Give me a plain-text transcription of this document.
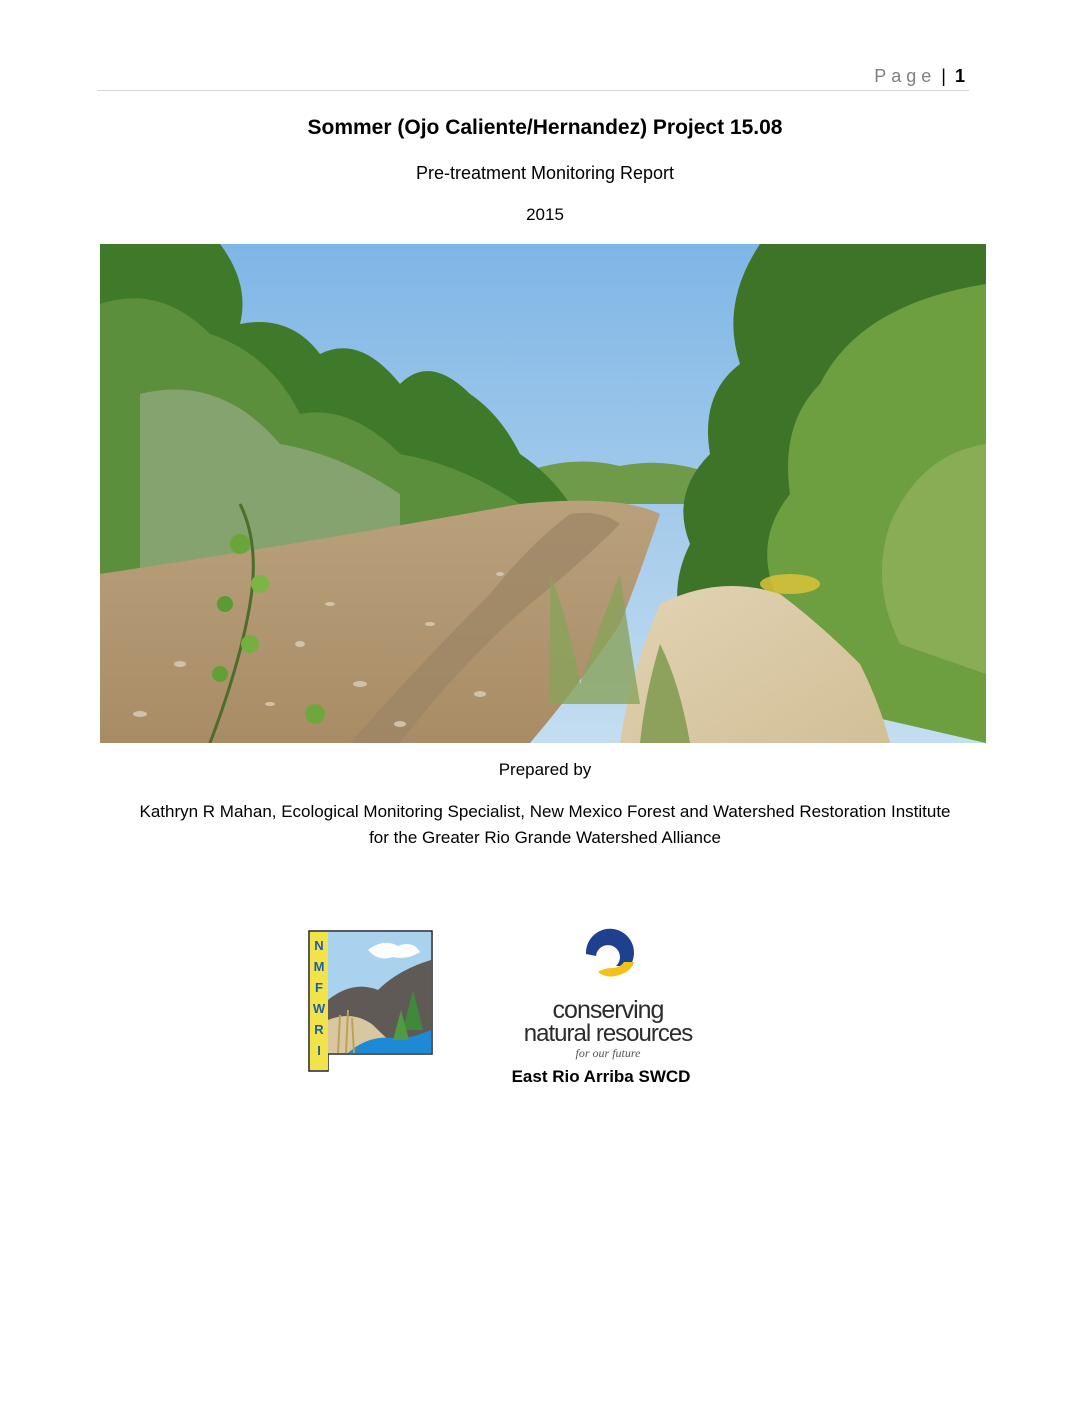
Page | 1
Sommer (Ojo Caliente/Hernandez) Project 15.08
Pre-treatment Monitoring Report
2015
Prepared by
Kathryn R Mahan, Ecological Monitoring Specialist, New Mexico Forest and Watershed Restoration Institute
for the Greater Rio Grande Watershed Alliance
N
M
F
W
R
I
conserving
natural resources
for our future
East Rio Arriba SWCD
